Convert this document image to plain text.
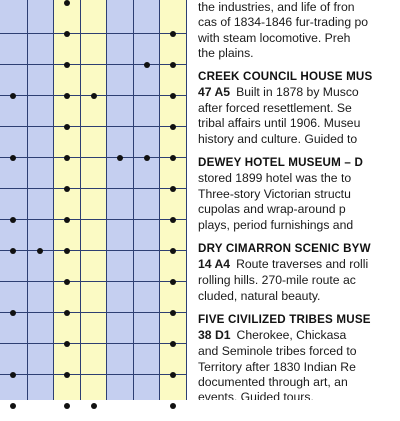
the industries, and life of fron
cas of 1834-1846 fur-trading po
with steam locomotive. Preh
the plains.
CREEK COUNCIL HOUSE MUS
47 A5 Built in 1878 by Musco
after forced resettlement. Se
tribal affairs until 1906. Museu
history and culture. Guided to
DEWEY HOTEL MUSEUM – D
stored 1899 hotel was the to
Three-story Victorian structu
cupolas and wrap-around p
plays, period furnishings and
DRY CIMARRON SCENIC BYW
14 A4 Route traverses and rolli
rolling hills. 270-mile route ac
cluded, natural beauty.
FIVE CIVILIZED TRIBES MUSE
38 D1 Cherokee, Chickasa
and Seminole tribes forced to
Territory after 1830 Indian Re
documented through art, an
events. Guided tours.
